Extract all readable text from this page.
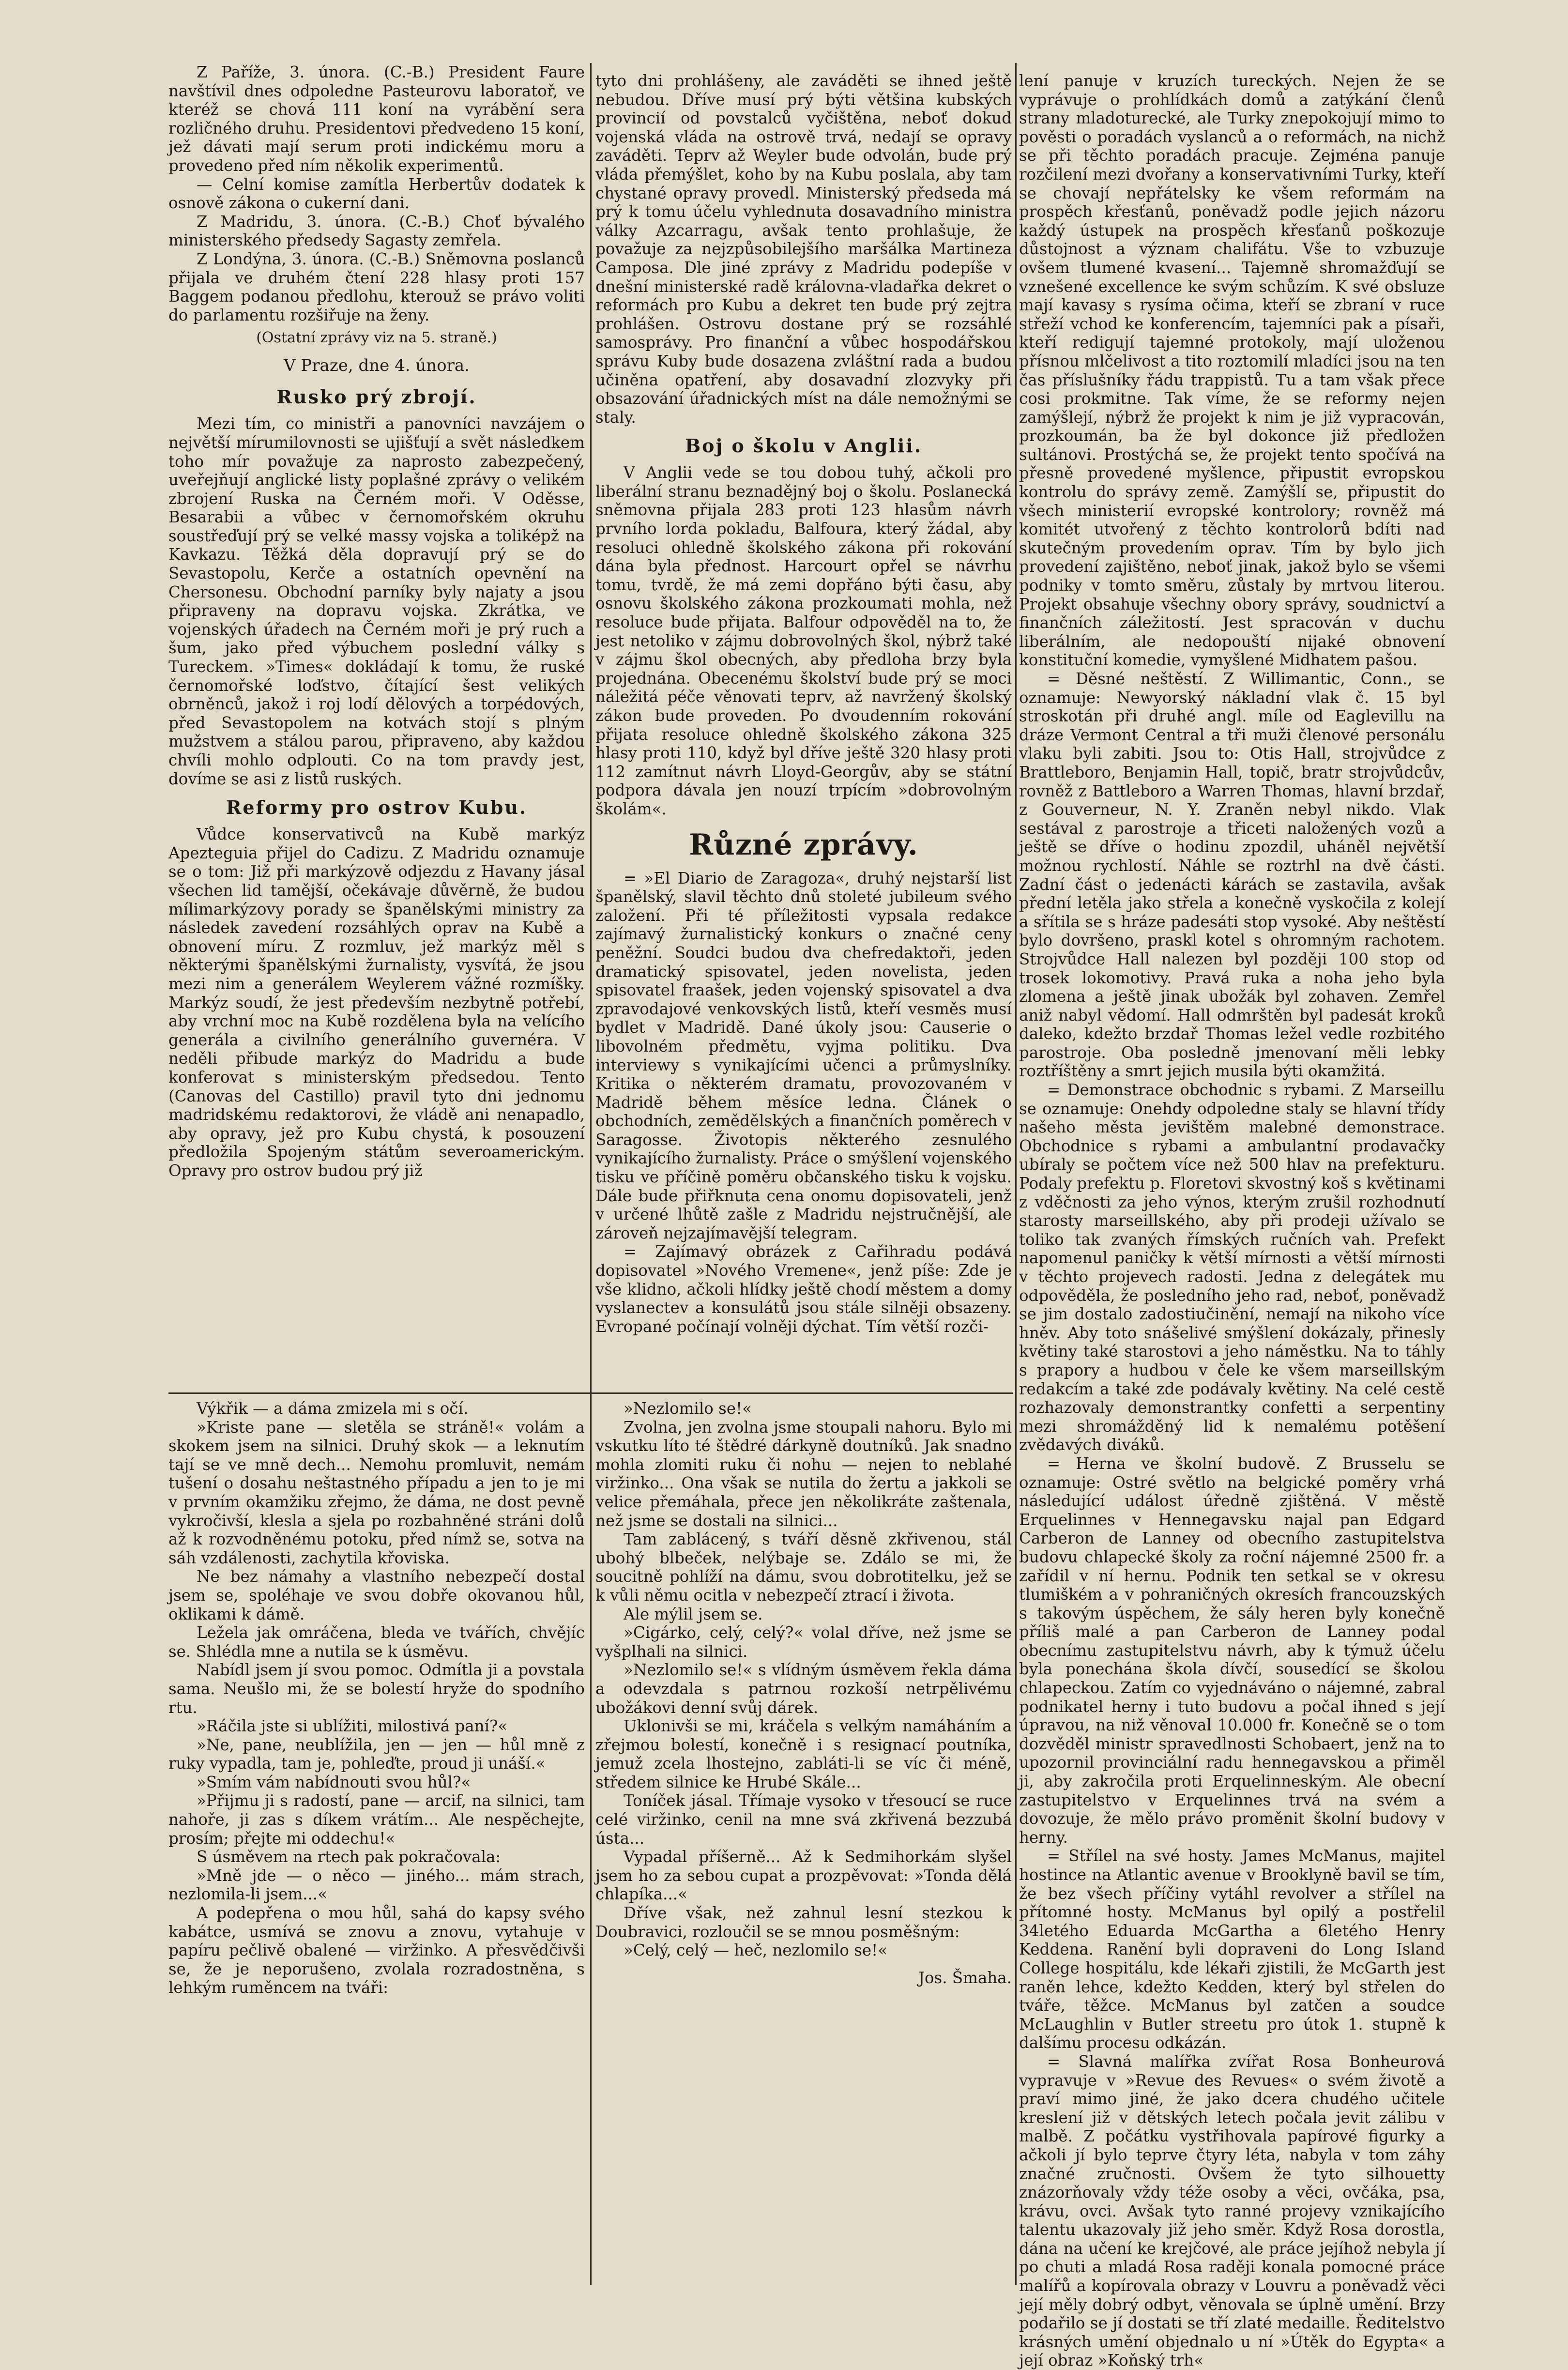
Z Paříže, 3. února. (C.-B.) President Faure navštívil dnes odpoledne Pasteurovu laboratoř, ve kteréž se chová 111 koní na vyrábění sera rozličného druhu. Presidentovi předvedeno 15 koní, jež dávati mají serum proti indickému moru a provedeno před ním několik experimentů.

— Celní komise zamítla Herbertův dodatek k osnově zákona o cukerní dani.

Z Madridu, 3. února. (C.-B.) Choť bývalého ministerského předsedy Sagasty zemřela.

Z Londýna, 3. února. (C.-B.) Sněmovna poslanců přijala ve druhém čtení 228 hlasy proti 157 Baggem podanou předlohu, kterouž se právo voliti do parlamentu rozšiřuje na ženy.

(Ostatní zprávy viz na 5. straně.)
V Praze, dne 4. února.
Rusko prý zbrojí.

Mezi tím, co ministři a panovníci navzájem o největší mírumilovnosti se ujišťují a svět následkem toho mír považuje za naprosto zabezpečený, uveřejňují anglické listy poplašné zprávy o velikém zbrojení Ruska na Černém moři. V Oděsse, Besarabii a vůbec v černomořském okruhu soustřeďují prý se velké massy vojska a toliképž na Kavkazu. Těžká děla dopravují prý se do Sevastopolu, Kerče a ostatních opevnění na Chersonesu. Obchodní parníky byly najaty a jsou připraveny na dopravu vojska. Zkrátka, ve vojenských úřadech na Černém moři je prý ruch a šum, jako před výbuchem poslední války s Tureckem. »Times« dokládají k tomu, že ruské černomořské loďstvo, čítající šest velikých obrněnců, jakož i roj lodí dělových a torpédových, před Sevastopolem na kotvách stojí s plným mužstvem a stálou parou, připraveno, aby každou chvíli mohlo odplouti. Co na tom pravdy jest, dovíme se asi z listů ruských.

Reformy pro ostrov Kubu.

Vůdce konservativců na Kubě markýz Apezteguia přijel do Cadizu. Z Madridu oznamuje se o tom: Již při markýzově odjezdu z Havany jásal všechen lid tamější, očekávaje důvěrně, že budou mílimarkýzovy porady se španělskými ministry za následek zavedení rozsáhlých oprav na Kubě a obnovení míru. Z rozmluv, jež markýz měl s některými španělskými žurnalisty, vysvítá, že jsou mezi nim a generálem Weylerem vážné rozmíšky. Markýz soudí, že jest především nezbytně potřebí, aby vrchní moc na Kubě rozdělena byla na velícího generála a civilního generálního guvernéra. V neděli přibude markýz do Madridu a bude konferovat s ministerským předsedou. Tento (Canovas del Castillo) pravil tyto dni jednomu madridskému redaktorovi, že vládě ani nenapadlo, aby opravy, jež pro Kubu chystá, k posouzení předložila Spojeným státům severoamerickým. Opravy pro ostrov budou prý již

tyto dni prohlášeny, ale zaváděti se ihned ještě nebudou. Dříve musí prý býti většina kubských provincií od povstalců vyčištěna, neboť dokud vojenská vláda na ostrově trvá, nedají se opravy zaváděti. Teprv až Weyler bude odvolán, bude prý vláda přemýšlet, koho by na Kubu poslala, aby tam chystané opravy provedl. Ministerský předseda má prý k tomu účelu vyhlednuta dosavadního ministra války Azcarragu, avšak tento prohlašuje, že považuje za nejzpůsobilejšího maršálka Martineza Camposa. Dle jiné zprávy z Madridu podepíše v dnešní ministerské radě královna-vladařka dekret o reformách pro Kubu a dekret ten bude prý zejtra prohlášen. Ostrovu dostane prý se rozsáhlé samosprávy. Pro finanční a vůbec hospodářskou správu Kuby bude dosazena zvláštní rada a budou učiněna opatření, aby dosavadní zlozvyky při obsazování úřadnických míst na dále nemožnými se staly.

Boj o školu v Anglii.

V Anglii vede se tou dobou tuhý, ačkoli pro liberální stranu beznadějný boj o školu. Poslanecká sněmovna přijala 283 proti 123 hlasům návrh prvního lorda pokladu, Balfoura, který žádal, aby resoluci ohledně školského zákona při rokování dána byla přednost. Harcourt opřel se návrhu tomu, tvrdě, že má zemi dopřáno býti času, aby osnovu školského zákona prozkoumati mohla, než resoluce bude přijata. Balfour odpověděl na to, že jest netoliko v zájmu dobrovolných škol, nýbrž také v zájmu škol obecných, aby předloha brzy byla projednána. Obecenému školství bude prý se moci náležitá péče věnovati teprv, až navržený školský zákon bude proveden. Po dvoudenním rokování přijata resoluce ohledně školského zákona 325 hlasy proti 110, když byl dříve ještě 320 hlasy proti 112 zamítnut návrh Lloyd-Georgův, aby se státní podpora dávala jen nouzí trpícím »dobrovolným školám«.

Různé zprávy.

= »El Diario de Zaragoza«, druhý nejstarší list španělský, slavil těchto dnů stoleté jubileum svého založení. Při té příležitosti vypsala redakce zajímavý žurnalistický konkurs o značné ceny peněžní. Soudci budou dva chefredaktoři, jeden dramatický spisovatel, jeden novelista, jeden spisovatel fraašek, jeden vojenský spisovatel a dva zpravodajové venkovských listů, kteří vesměs musí bydlet v Madridě. Dané úkoly jsou: Causerie o libovolném předmětu, vyjma politiku. Dva interviewy s vynikajícími učenci a průmyslníky. Kritika o některém dramatu, provozovaném v Madridě během měsíce ledna. Článek o obchodních, zemědělských a finančních poměrech v Saragosse. Životopis některého zesnulého vynikajícího žurnalisty. Práce o smýšlení vojenského tisku ve příčině poměru občanského tisku k vojsku. Dále bude přiřknuta cena onomu dopisovateli, jenž v určené lhůtě zašle z Madridu nejstručnější, ale zároveň nejzajímavější telegram.

= Zajímavý obrázek z Cařihradu podává dopisovatel »Nového Vremene«, jenž píše: Zde je vše klidno, ačkoli hlídky ještě chodí městem a domy vyslanectev a konsulátů jsou stále silněji obsazeny. Evropané počínají volněji dýchat. Tím větší rozči-

lení panuje v kruzích tureckých. Nejen že se vyprávuje o prohlídkách domů a zatýkání členů strany mladoturecké, ale Turky znepokojují mimo to pověsti o poradách vyslanců a o reformách, na nichž se při těchto poradách pracuje. Zejména panuje rozčilení mezi dvořany a konservativními Turky, kteří se chovají nepřátelsky ke všem reformám na prospěch křesťanů, poněvadž podle jejich názoru každý ústupek na prospěch křesťanů poškozuje důstojnost a význam chalifátu. Vše to vzbuzuje ovšem tlumené kvasení... Tajemně shromažďují se vznešené excellence ke svým schůzím. K své obsluze mají kavasy s rysíma očima, kteří se zbraní v ruce střeží vchod ke konferencím, tajemníci pak a písaři, kteří redigují tajemné protokoly, mají uloženou přísnou mlčelivost a tito roztomilí mladíci jsou na ten čas příslušníky řádu trappistů. Tu a tam však přece cosi prokmitne. Tak víme, že se reformy nejen zamýšlejí, nýbrž že projekt k nim je již vypracován, prozkoumán, ba že byl dokonce již předložen sultánovi. Prostýchá se, že projekt tento spočívá na přesně provedené myšlence, připustit evropskou kontrolu do správy země. Zamýšlí se, připustit do všech ministerií evropské kontrolory; rovněž má komitét utvořený z těchto kontrolorů bdíti nad skutečným provedením oprav. Tím by bylo jich provedení zajištěno, neboť jinak, jakož bylo se všemi podniky v tomto směru, zůstaly by mrtvou literou. Projekt obsahuje všechny obory správy, soudnictví a finančních záležitostí. Jest spracován v duchu liberálním, ale nedopouští nijaké obnovení konstituční komedie, vymyšlené Midhatem pašou.

= Děsné neštěstí. Z Willimantic, Conn., se oznamuje: Newyorský nákladní vlak č. 15 byl stroskotán při druhé angl. míle od Eaglevillu na dráze Vermont Central a tři muži členové personálu vlaku byli zabiti. Jsou to: Otis Hall, strojvůdce z Brattleboro, Benjamin Hall, topič, bratr strojvůdcův, rovněž z Battleboro a Warren Thomas, hlavní brzdař, z Gouverneur, N. Y. Zraněn nebyl nikdo. Vlak sestával z parostroje a třiceti naložených vozů a ještě se dříve o hodinu zpozdil, uháněl největší možnou rychlostí. Náhle se roztrhl na dvě části. Zadní část o jedenácti kárách se zastavila, avšak přední letěla jako střela a konečně vyskočila z kolejí a sřítila se s hráze padesáti stop vysoké. Aby neštěstí bylo dovršeno, praskl kotel s ohromným rachotem. Strojvůdce Hall nalezen byl později 100 stop od trosek lokomotivy. Pravá ruka a noha jeho byla zlomena a ještě jinak ubožák byl zohaven. Zemřel aniž nabyl vědomí. Hall odmrštěn byl padesát kroků daleko, kdežto brzdař Thomas ležel vedle rozbitého parostroje. Oba posledně jmenovaní měli lebky roztříštěny a smrt jejich musila býti okamžitá.

= Demonstrace obchodnic s rybami. Z Marseillu se oznamuje: Onehdy odpoledne staly se hlavní třídy našeho města jevištěm malebné demonstrace. Obchodnice s rybami a ambulantní prodavačky ubíraly se počtem více než 500 hlav na prefekturu. Podaly prefektu p. Floretovi skvostný koš s květinami z vděčnosti za jeho výnos, kterým zrušil rozhodnutí starosty marseillského, aby při prodeji užívalo se toliko tak zvaných římských ručních vah. Prefekt napomenul paničky k větší mírnosti a větší mírnosti v těchto projevech radosti. Jedna z delegátek mu odpověděla, že posledního jeho rad, neboť, poněvadž se jim dostalo zadostiučinění, nemají na nikoho více hněv. Aby toto snášelivé smýšlení dokázaly, přinesly květiny také starostovi a jeho náměstku. Na to táhly s prapory a hudbou v čele ke všem marseillským redakcím a také zde podávaly květiny. Na celé cestě rozhazovaly demonstrantky confetti a serpentiny mezi shromážděný lid k nemalému potěšení zvědavých diváků.

= Herna ve školní budově. Z Brusselu se oznamuje: Ostré světlo na belgické poměry vrhá následující událost úředně zjištěná. V městě Erquelinnes v Hennegavsku najal pan Edgard Carberon de Lanney od obecního zastupitelstva budovu chlapecké školy za roční nájemné 2500 fr. a zařídil v ní hernu. Podnik ten setkal se v okresu tlumiškém a v pohraničných okresích francouzských s takovým úspěchem, že sály heren byly konečně příliš malé a pan Carberon de Lanney podal obecnímu zastupitelstvu návrh, aby k týmuž účelu byla ponechána škola dívčí, sousedící se školou chlapeckou. Zatím co vyjednáváno o nájemné, zabral podnikatel herny i tuto budovu a počal ihned s její úpravou, na niž věnoval 10.000 fr. Konečně se o tom dozvěděl ministr spravedlnosti Schobaert, jenž na to upozornil provinciální radu hennegavskou a přiměl ji, aby zakročila proti Erquelinneským. Ale obecní zastupitelstvo v Erquelinnes trvá na svém a dovozuje, že mělo právo proměnit školní budovy v herny.

= Střílel na své hosty. James McManus, majitel hostince na Atlantic avenue v Brooklyně bavil se tím, že bez všech příčiny vytáhl revolver a střílel na přítomné hosty. McManus byl opilý a postřelil 34letého Eduarda McGartha a 6letého Henry Keddena. Ranění byli dopraveni do Long Island College hospitálu, kde lékaři zjistili, že McGarth jest raněn lehce, kdežto Kedden, který byl střelen do tváře, těžce. McManus byl zatčen a soudce McLaughlin v Butler streetu pro útok 1. stupně k dalšímu procesu odkázán.

= Slavná malířka zvířat Rosa Bonheurová vypravuje v »Revue des Revues« o svém životě a praví mimo jiné, že jako dcera chudého učitele kreslení již v dětských letech počala jevit zálibu v malbě. Z počátku vystřihovala papírové figurky a ačkoli jí bylo teprve čtyry léta, nabyla v tom záhy značné zručnosti. Ovšem že tyto silhouetty znázorňovaly vždy téže osoby a věci, ovčáka, psa, krávu, ovci. Avšak tyto ranné projevy vznikajícího talentu ukazovaly již jeho směr. Když Rosa dorostla, dána na učení ke krejčové, ale práce jejíhož nebyla jí po chuti a mladá Rosa raději konala pomocné práce malířů a kopírovala obrazy v Louvru a poněvadž věci její měly dobrý odbyt, věnovala se úplně umění. Brzy podařilo se jí dostati se tří zlaté medaille. Ředitelstvo krásných umění objednalo u ní »Útěk do Egypta« a její obraz »Koňský trh«

Výkřik — a dáma zmizela mi s očí.

»Kriste pane — sletěla se stráně!« volám a skokem jsem na silnici. Druhý skok — a leknutím tají se ve mně dech... Nemohu promluvit, nemám tušení o dosahu neštastného případu a jen to je mi v prvním okamžiku zřejmo, že dáma, ne dost pevně vykročivší, klesla a sjela po rozbahněné stráni dolů až k rozvodněnému potoku, před nímž se, sotva na sáh vzdálenosti, zachytila křoviska.

Ne bez námahy a vlastního nebezpečí dostal jsem se, spoléhaje ve svou dobře okovanou hůl, oklikami k dámě.

Ležela jak omráčena, bleda ve tvářích, chvějíc se. Shlédla mne a nutila se k úsměvu.

Nabídl jsem jí svou pomoc. Odmítla ji a povstala sama. Neušlo mi, že se bolestí hryže do spodního rtu.

»Ráčila jste si ublížiti, milostivá paní?«

»Ne, pane, neublížila, jen — jen — hůl mně z ruky vypadla, tam je, pohleďte, proud ji unáší.«

»Smím vám nabídnouti svou hůl?«

»Přijmu ji s radostí, pane — arcif, na silnici, tam nahoře, ji zas s díkem vrátím... Ale nespěchejte, prosím; přejte mi oddechu!«

S úsměvem na rtech pak pokračovala:

»Mně jde — o něco — jiného... mám strach, nezlomila-li jsem...«

A podepřena o mou hůl, sahá do kapsy svého kabátce, usmívá se znovu a znovu, vytahuje v papíru pečlivě obalené — viržinko. A přesvědčivši se, že je neporušeno, zvolala rozradostněna, s lehkým ruměncem na tváři:

»Nezlomilo se!«

Zvolna, jen zvolna jsme stoupali nahoru. Bylo mi vskutku líto té štědré dárkyně doutníků. Jak snadno mohla zlomiti ruku či nohu — nejen to neblahé viržinko... Ona však se nutila do žertu a jakkoli se velice přemáhala, přece jen několikráte zaštenala, než jsme se dostali na silnici...

Tam zablácený, s tváří děsně zkřivenou, stál ubohý blbeček, nelýbaje se. Zdálo se mi, že soucitně pohlíží na dámu, svou dobrotitelku, jež se k vůli němu ocitla v nebezpečí ztrací i života.

Ale mýlil jsem se.

»Cigárko, celý, celý?« volal dříve, než jsme se vyšplhali na silnici.

»Nezlomilo se!« s vlídným úsměvem řekla dáma a odevzdala s patrnou rozkoší netrpělivému ubožákovi denní svůj dárek.

Uklonivši se mi, kráčela s velkým namáháním a zřejmou bolestí, konečně i s resignací poutníka, jemuž zcela lhostejno, zabláti-li se víc či méně, středem silnice ke Hrubé Skále...

Toníček jásal. Třímaje vysoko v třesoucí se ruce celé viržinko, cenil na mne svá zkřivená bezzubá ústa...

Vypadal příšerně... Až k Sedmihorkám slyšel jsem ho za sebou cupat a prozpěvovat: »Tonda dělá chlapíka...«

Dříve však, než zahnul lesní stezkou k Doubravici, rozloučil se se mnou posměšným:

»Celý, celý — heč, nezlomilo se!«

Jos. Šmaha.
